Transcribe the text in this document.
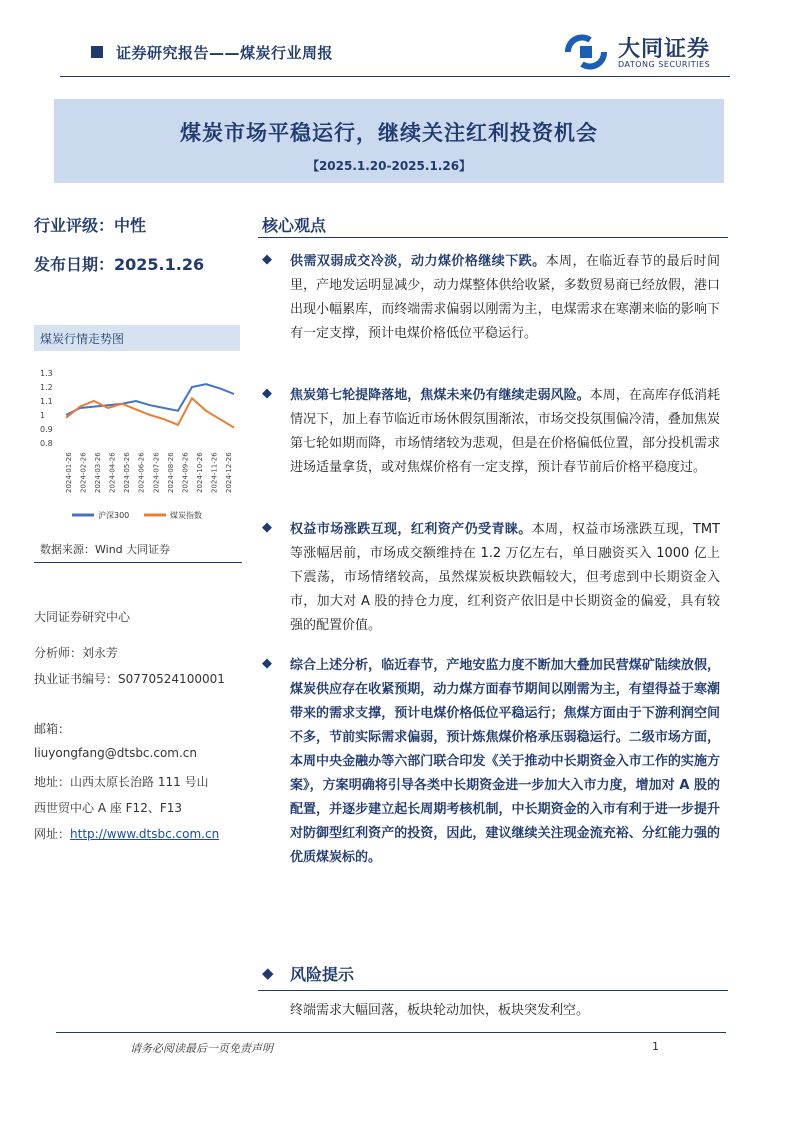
证券研究报告——煤炭行业周报	大同证券
DATONG SECURITIES
煤炭市场平稳运行，继续关注红利投资机会
【2025.1.20-2025.1.26】
行业评级：中性
发布日期：2025.1.26
煤炭行情走势图
1.3
1.2
1.1
1
0.9
0.8
2024-01-26 2024-02-26 2024-03-26 2024-04-26 2024-05-26 2024-06-26 2024-07-26 2024-08-26 2024-09-26 2024-10-26 2024-11-26 2024-12-26
沪深300	煤炭指数
数据来源：Wind 大同证券
大同证券研究中心
分析师：刘永芳
执业证书编号：S0770524100001
邮箱：
liuyongfang@dtsbc.com.cn
地址：山西太原长治路 111 号山
西世贸中心 A 座 F12、F13
网址：http://www.dtsbc.com.cn
核心观点
◆ 供需双弱成交冷淡，动力煤价格继续下跌。本周，在临近春节的最后时间里，产地发运明显减少，动力煤整体供给收紧，多数贸易商已经放假，港口出现小幅累库，而终端需求偏弱以刚需为主，电煤需求在寒潮来临的影响下有一定支撑，预计电煤价格低位平稳运行。
◆ 焦炭第七轮提降落地，焦煤未来仍有继续走弱风险。本周，在高库存低消耗情况下，加上春节临近市场休假氛围渐浓，市场交投氛围偏冷清，叠加焦炭第七轮如期而降，市场情绪较为悲观，但是在价格偏低位置，部分投机需求进场适量拿货，或对焦煤价格有一定支撑，预计春节前后价格平稳度过。
◆ 权益市场涨跌互现，红利资产仍受青睐。本周，权益市场涨跌互现，TMT 等涨幅居前，市场成交额维持在 1.2 万亿左右，单日融资买入 1000 亿上下震荡，市场情绪较高，虽然煤炭板块跌幅较大，但考虑到中长期资金入市，加大对 A 股的持仓力度，红利资产依旧是中长期资金的偏爱，具有较强的配置价值。
◆ 综合上述分析，临近春节，产地安监力度不断加大叠加民营煤矿陆续放假，煤炭供应存在收紧预期，动力煤方面春节期间以刚需为主，有望得益于寒潮带来的需求支撑，预计电煤价格低位平稳运行；焦煤方面由于下游利润空间不多，节前实际需求偏弱，预计炼焦煤价格承压弱稳运行。二级市场方面，本周中央金融办等六部门联合印发《关于推动中长期资金入市工作的实施方案》，方案明确将引导各类中长期资金进一步加大入市力度，增加对 A 股的配置，并逐步建立起长周期考核机制，中长期资金的入市有利于进一步提升对防御型红利资产的投资，因此，建议继续关注现金流充裕、分红能力强的优质煤炭标的。
◆ 风险提示
终端需求大幅回落，板块轮动加快，板块突发利空。
请务必阅读最后一页免责声明	1
